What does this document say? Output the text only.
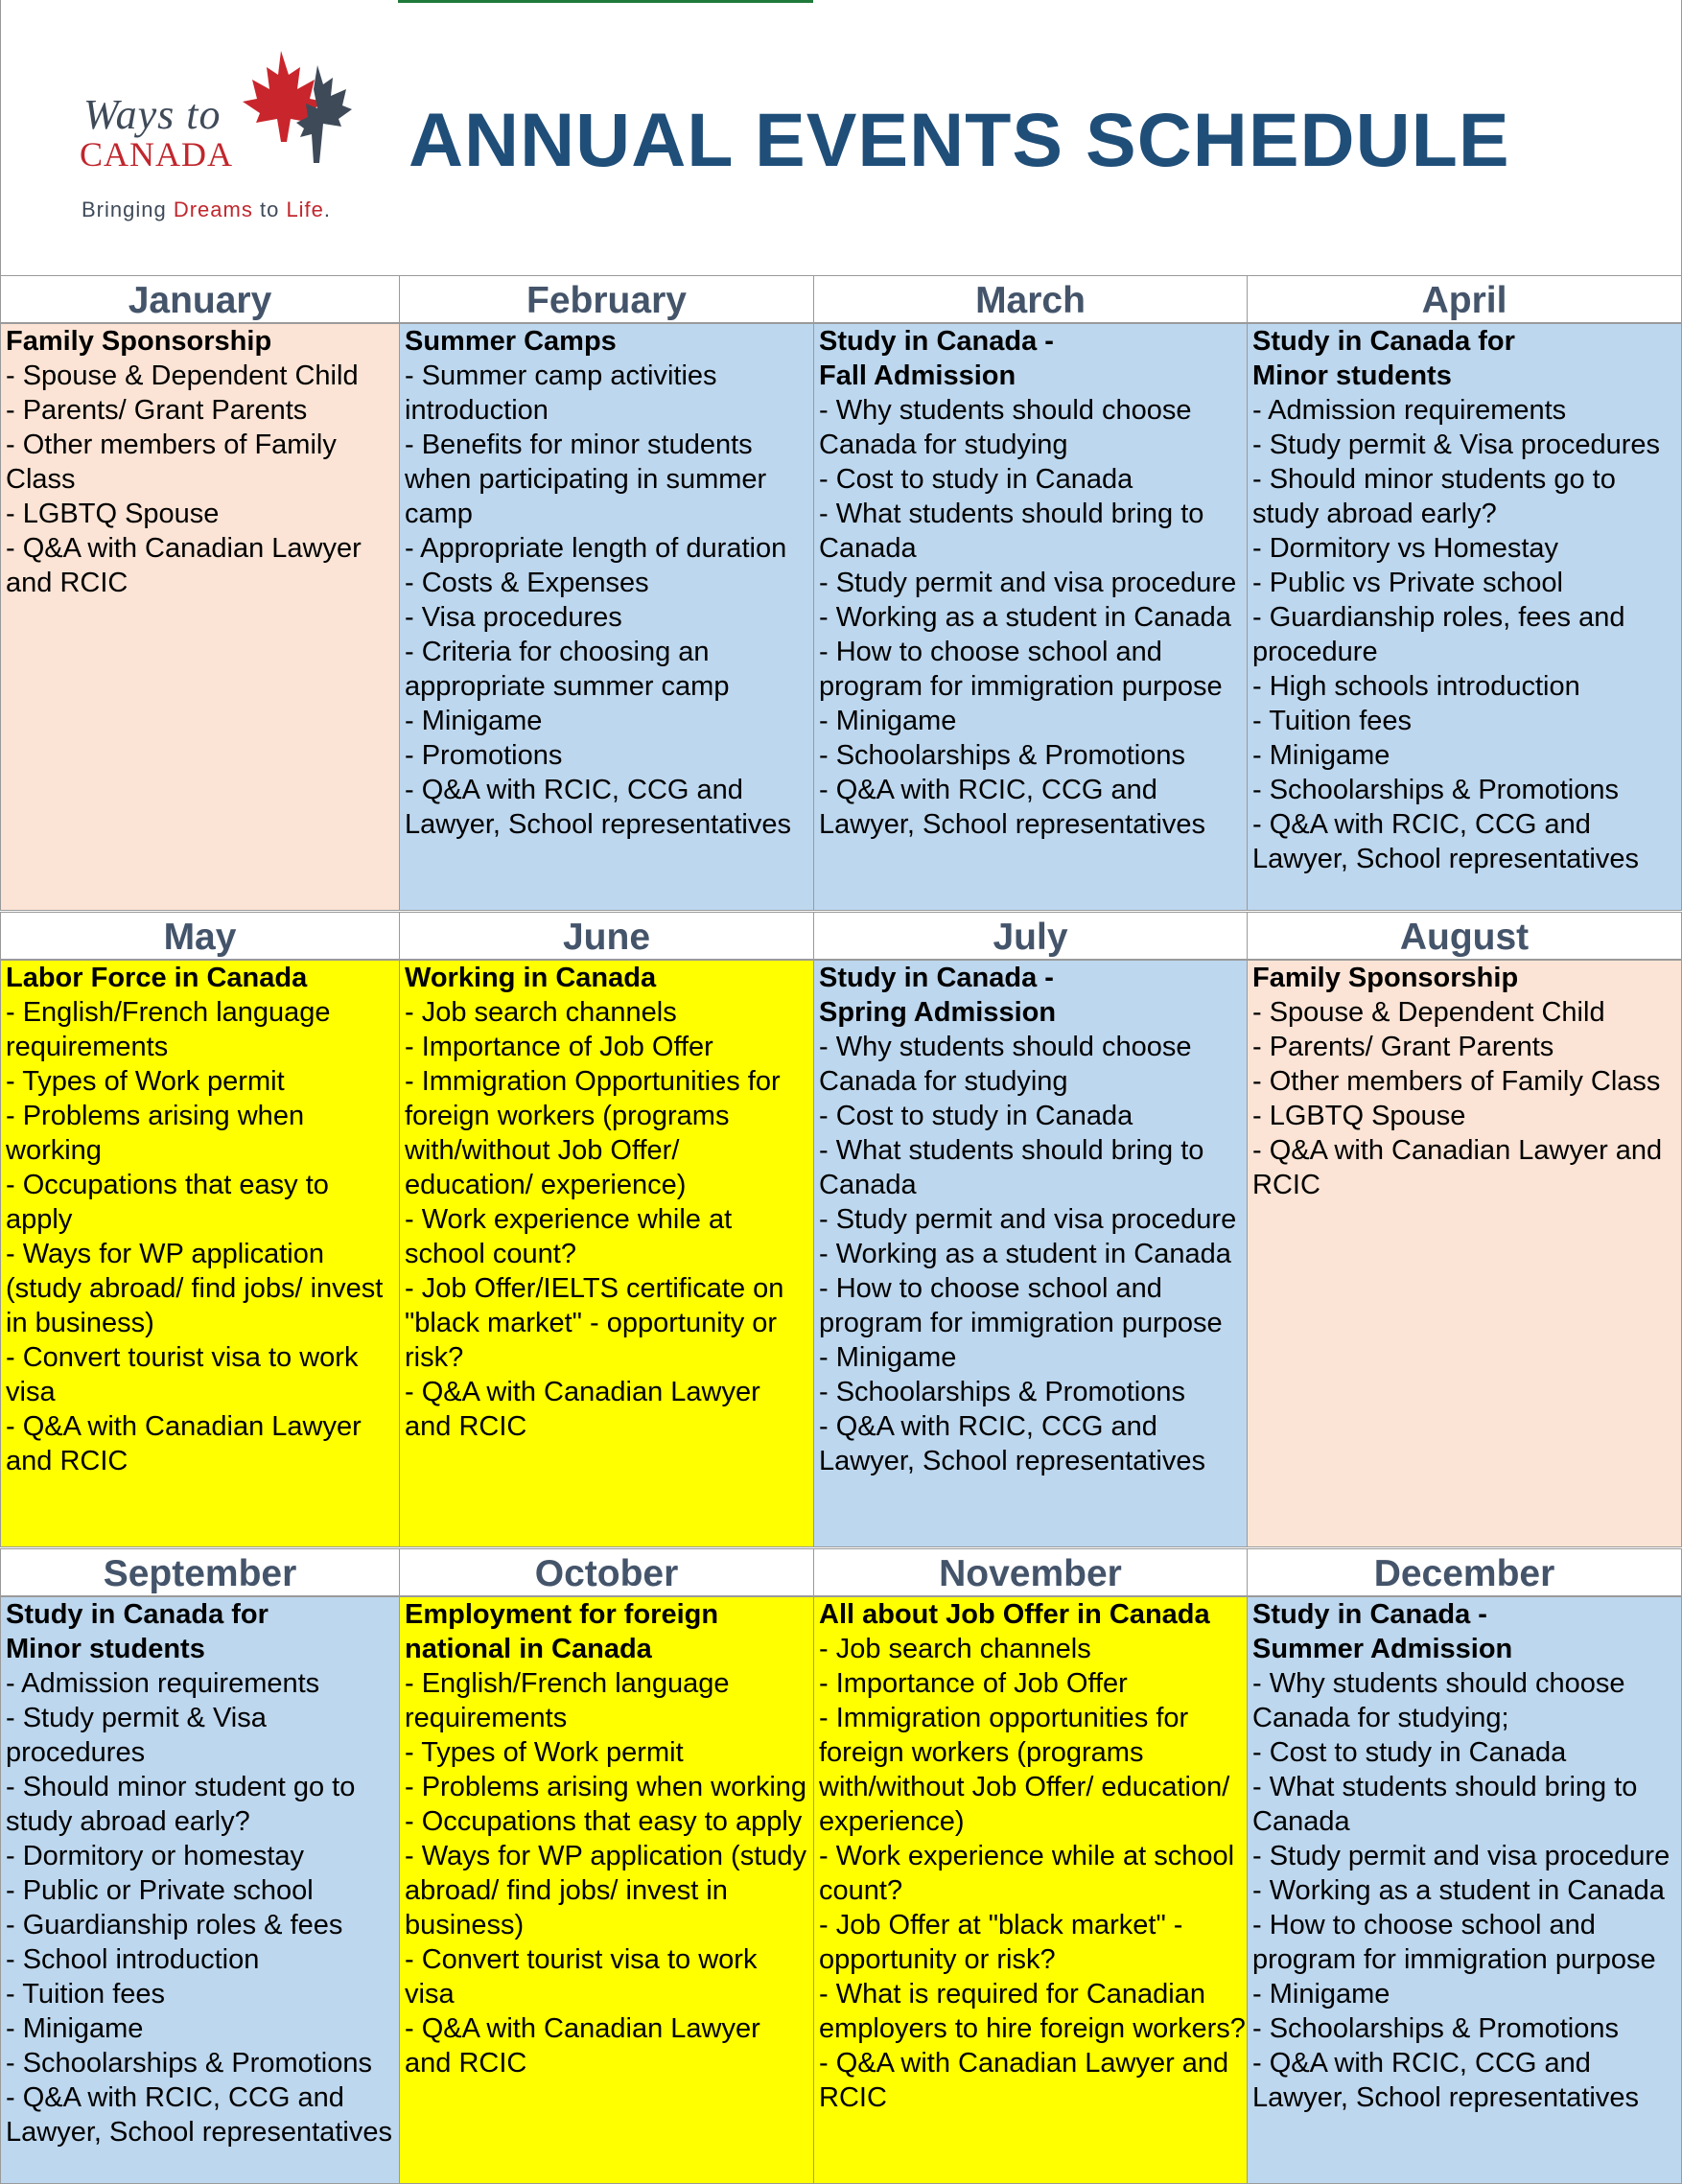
Ways to
CANADA
Bringing Dreams to Life.
ANNUAL EVENTS SCHEDULE
January
Family Sponsorship
- Spouse & Dependent Child
- Parents/ Grant Parents
- Other members of Family Class
- LGBTQ Spouse
- Q&A with Canadian Lawyer and RCIC
February
Summer Camps
- Summer camp activities introduction
- Benefits for minor students when participating in summer camp
- Appropriate length of duration
- Costs & Expenses
- Visa procedures
- Criteria for choosing an appropriate summer camp
- Minigame
- Promotions
- Q&A with RCIC, CCG and Lawyer, School representatives
March
Study in Canada -
Fall Admission
- Why students should choose Canada for studying
- Cost to study in Canada
- What students should bring to Canada
- Study permit and visa procedure
- Working as a student in Canada
- How to choose school and program for immigration purpose
- Minigame
- Schoolarships & Promotions
- Q&A with RCIC, CCG and Lawyer, School representatives
April
Study in Canada for
Minor students
- Admission requirements
- Study permit & Visa procedures
- Should minor students go to study abroad early?
- Dormitory vs Homestay
- Public vs Private school
- Guardianship roles, fees and procedure
- High schools introduction
- Tuition fees
- Minigame
- Schoolarships & Promotions
- Q&A with RCIC, CCG and Lawyer, School representatives
May
Labor Force in Canada
- English/French language requirements
- Types of Work permit
- Problems arising when working
- Occupations that easy to apply
- Ways for WP application (study abroad/ find jobs/ invest in business)
- Convert tourist visa to work visa
- Q&A with Canadian Lawyer and RCIC
June
Working in Canada
- Job search channels
- Importance of Job Offer
- Immigration Opportunities for foreign workers (programs with/without Job Offer/ education/ experience)
- Work experience while at school count?
- Job Offer/IELTS certificate on "black market" - opportunity or risk?
- Q&A with Canadian Lawyer and RCIC
July
Study in Canada -
Spring Admission
- Why students should choose Canada for studying
- Cost to study in Canada
- What students should bring to Canada
- Study permit and visa procedure
- Working as a student in Canada
- How to choose school and program for immigration purpose
- Minigame
- Schoolarships & Promotions
- Q&A with RCIC, CCG and Lawyer, School representatives
August
Family Sponsorship
- Spouse & Dependent Child
- Parents/ Grant Parents
- Other members of Family Class
- LGBTQ Spouse
- Q&A with Canadian Lawyer and RCIC
September
Study in Canada for
Minor students
- Admission requirements
- Study permit & Visa procedures
- Should minor student go to study abroad early?
- Dormitory or homestay
- Public or Private school
- Guardianship roles & fees
- School introduction
- Tuition fees
- Minigame
- Schoolarships & Promotions
- Q&A with RCIC, CCG and Lawyer, School representatives
October
Employment for foreign national in Canada
- English/French language requirements
- Types of Work permit
- Problems arising when working
- Occupations that easy to apply
- Ways for WP application (study abroad/ find jobs/ invest in business)
- Convert tourist visa to work visa
- Q&A with Canadian Lawyer and RCIC
November
All about Job Offer in Canada
- Job search channels
- Importance of Job Offer
- Immigration opportunities for foreign workers (programs with/without Job Offer/ education/ experience)
- Work experience while at school count?
- Job Offer at "black market" - opportunity or risk?
- What is required for Canadian employers to hire foreign workers?
- Q&A with Canadian Lawyer and RCIC
December
Study in Canada -
Summer Admission
- Why students should choose Canada for studying;
- Cost to study in Canada
- What students should bring to Canada
- Study permit and visa procedure
- Working as a student in Canada
- How to choose school and program for immigration purpose
- Minigame
- Schoolarships & Promotions
- Q&A with RCIC, CCG and Lawyer, School representatives
